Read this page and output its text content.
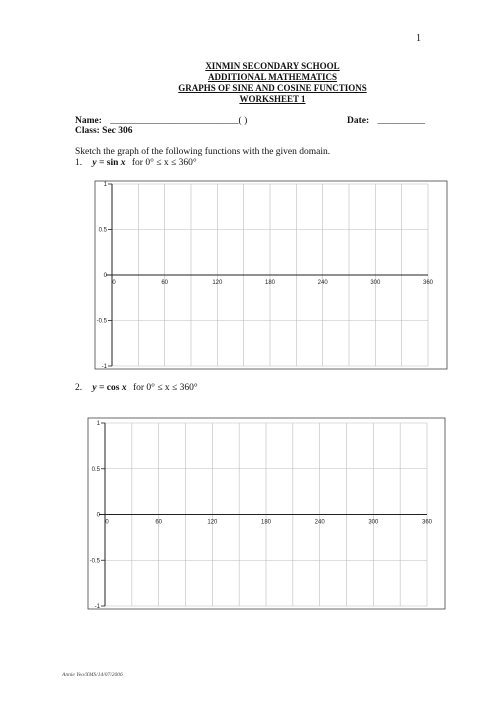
1
XINMIN SECONDARY SCHOOL
ADDITIONAL MATHEMATICS
GRAPHS OF SINE AND COSINE FUNCTIONS
WORKSHEET 1
Name: ___________________________( )	Date: __________
Class: Sec 306
Sketch the graph of the following functions with the given domain.
1. y = sin x for 0° ≤ x ≤ 360°
2. y = cos x for 0° ≤ x ≤ 360°
1
0.5
0
-0.5
-1
0	60	120	180	240	300	360
1
0.5
0
-0.5
-1
0	60	120	180	240	300	360
Annie Yeo/XMS/14/07/2006
